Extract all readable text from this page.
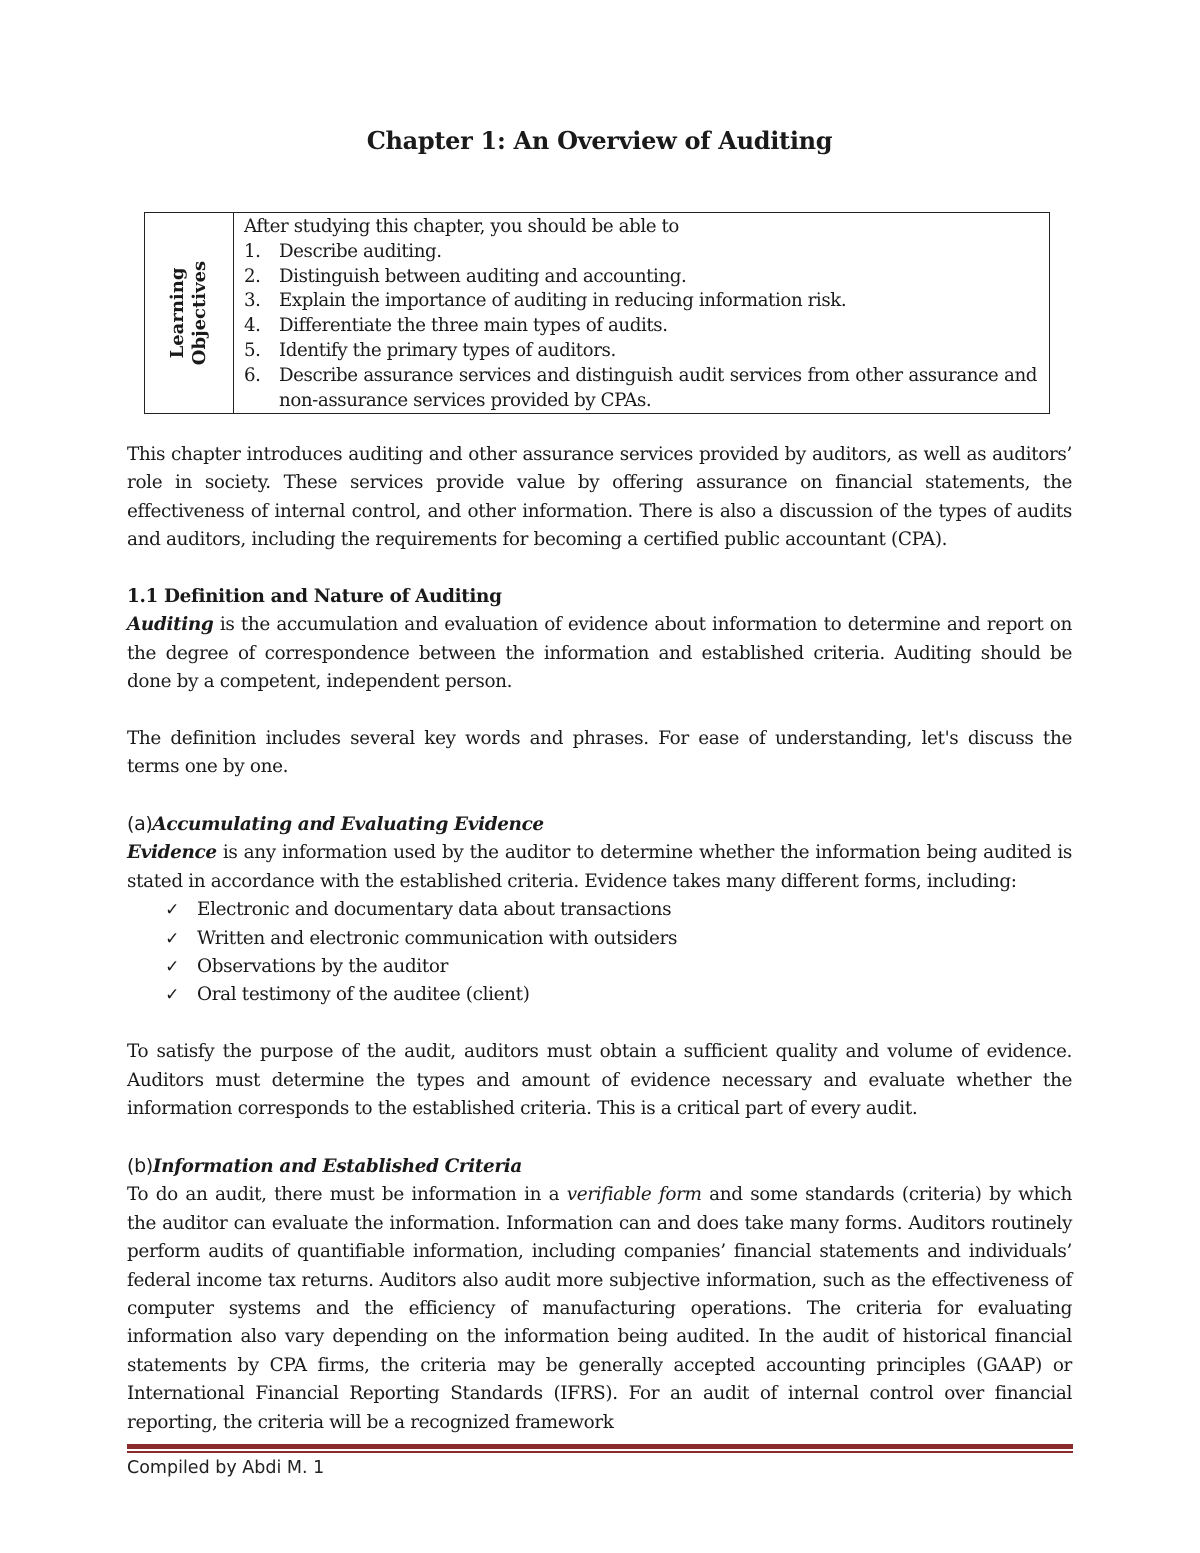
Chapter 1: An Overview of Auditing
Learning Objectives

After studying this chapter, you should be able to
1.	Describe auditing.
2.	Distinguish between auditing and accounting.
3.	Explain the importance of auditing in reducing information risk.
4.	Differentiate the three main types of audits.
5.	Identify the primary types of auditors.
6.	Describe assurance services and distinguish audit services from other assurance and non-assurance services provided by CPAs.

This chapter introduces auditing and other assurance services provided by auditors, as well as auditors’ role in society. These services provide value by offering assurance on financial statements, the effectiveness of internal control, and other information. There is also a discussion of the types of audits and auditors, including the requirements for becoming a certified public accountant (CPA).

1.1 Definition and Nature of Auditing

Auditing is the accumulation and evaluation of evidence about information to determine and report on the degree of correspondence between the information and established criteria. Auditing should be done by a competent, independent person.

The definition includes several key words and phrases. For ease of understanding, let's discuss the terms one by one.

(a)Accumulating and Evaluating Evidence

Evidence is any information used by the auditor to determine whether the information being audited is stated in accordance with the established criteria. Evidence takes many different forms, including:

✓ Electronic and documentary data about transactions
✓ Written and electronic communication with outsiders
✓ Observations by the auditor
✓ Oral testimony of the auditee (client)

To satisfy the purpose of the audit, auditors must obtain a sufficient quality and volume of evidence. Auditors must determine the types and amount of evidence necessary and evaluate whether the information corresponds to the established criteria. This is a critical part of every audit.

(b)Information and Established Criteria

To do an audit, there must be information in a verifiable form and some standards (criteria) by which the auditor can evaluate the information. Information can and does take many forms. Auditors routinely perform audits of quantifiable information, including companies’ financial statements and individuals’ federal income tax returns. Auditors also audit more subjective information, such as the effectiveness of computer systems and the efficiency of manufacturing operations. The criteria for evaluating information also vary depending on the information being audited. In the audit of historical financial statements by CPA firms, the criteria may be generally accepted accounting principles (GAAP) or International Financial Reporting Standards (IFRS). For an audit of internal control over financial reporting, the criteria will be a recognized framework

Compiled by Abdi M. 1
